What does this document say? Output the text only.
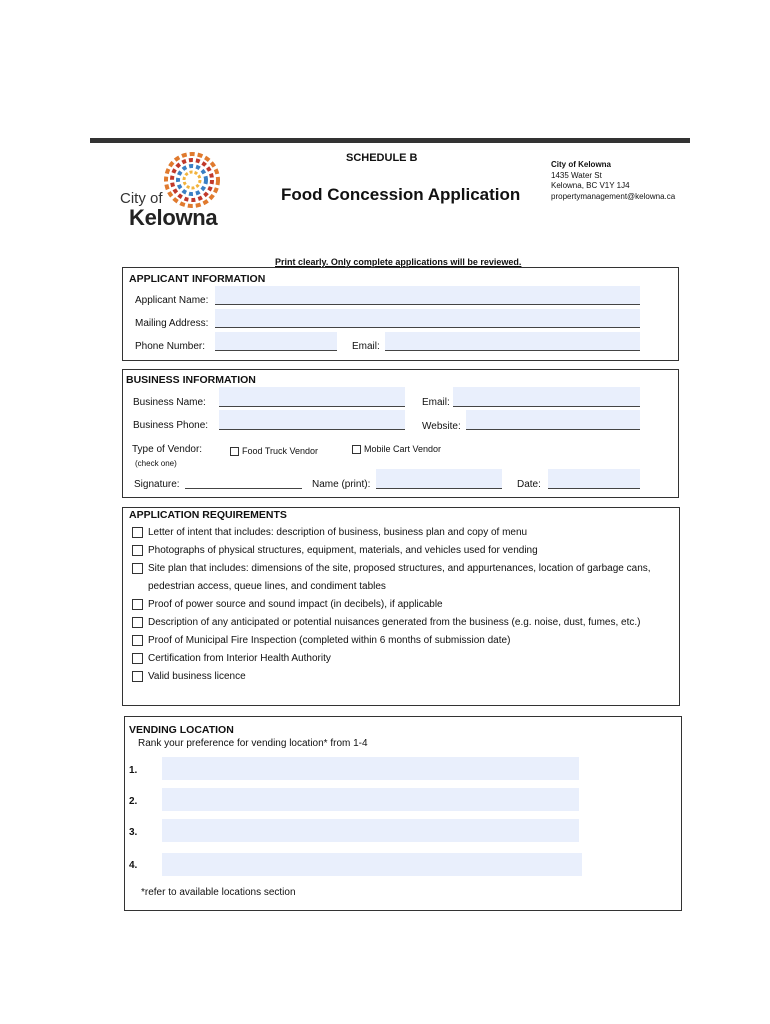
City of
Kelowna
SCHEDULE B
Food Concession Application
City of Kelowna
1435 Water St
Kelowna, BC V1Y 1J4
propertymanagement@kelowna.ca
Print clearly. Only complete applications will be reviewed.
APPLICANT INFORMATION
Applicant Name:
Mailing Address:
Phone Number:	Email:
BUSINESS INFORMATION
Business Name:	Email:
Business Phone:	Website:
Type of Vendor:
(check one)
Food Truck Vendor	Mobile Cart Vendor
Signature:	Name (print):	Date:
APPLICATION REQUIREMENTS
Letter of intent that includes: description of business, business plan and copy of menu
Photographs of physical structures, equipment, materials, and vehicles used for vending
Site plan that includes: dimensions of the site, proposed structures, and appurtenances, location of garbage cans,
pedestrian access, queue lines, and condiment tables
Proof of power source and sound impact (in decibels), if applicable
Description of any anticipated or potential nuisances generated from the business (e.g. noise, dust, fumes, etc.)
Proof of Municipal Fire Inspection (completed within 6 months of submission date)
Certification from Interior Health Authority
Valid business licence
VENDING LOCATION
Rank your preference for vending location* from 1-4
1.
2.
3.
4.
*refer to available locations section
